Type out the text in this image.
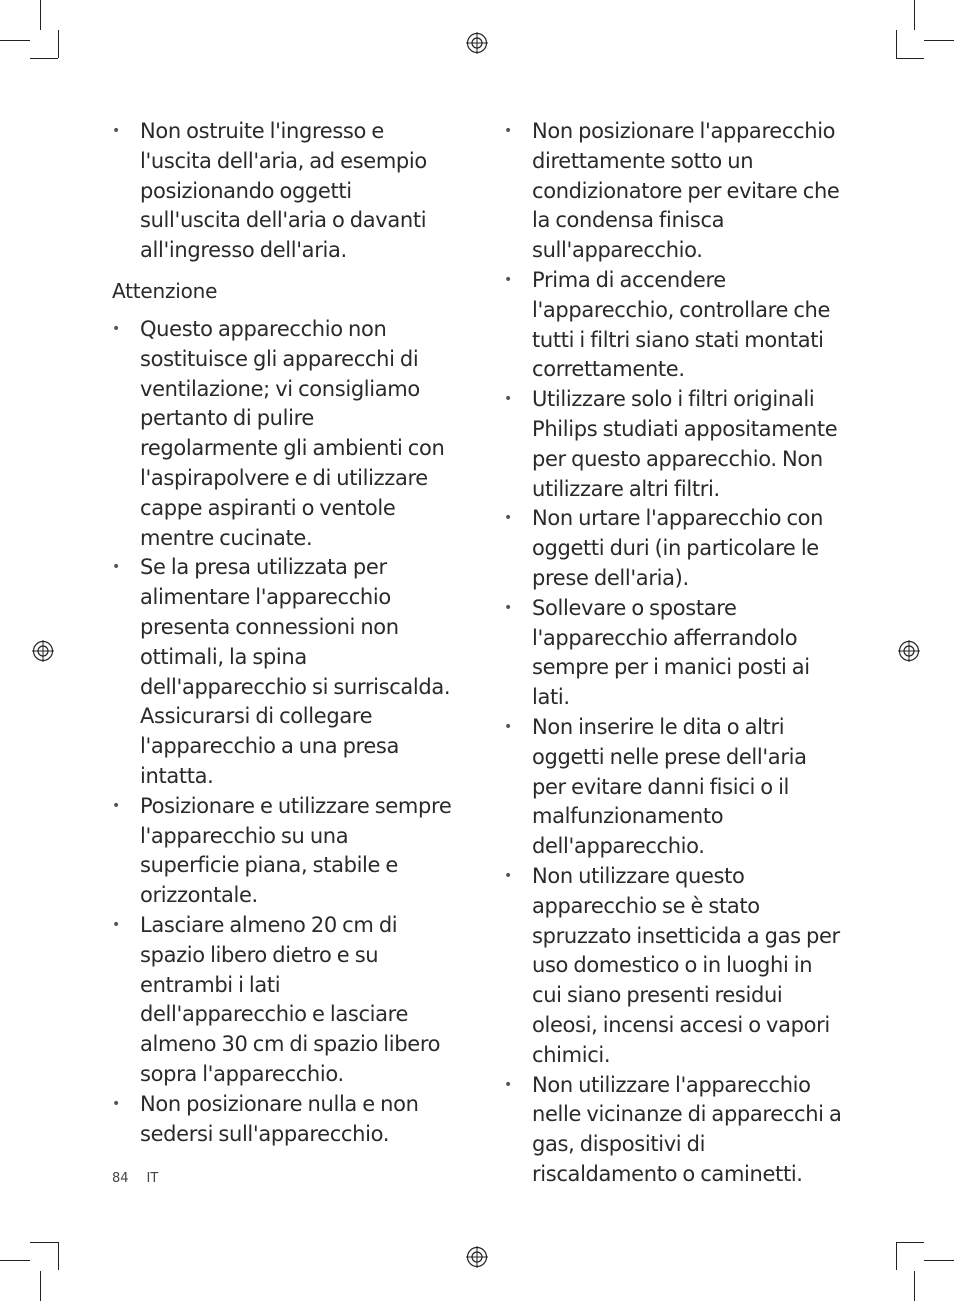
• Non ostruite l'ingresso e l'uscita dell'aria, ad esempio posizionando oggetti sull'uscita dell'aria o davanti all'ingresso dell'aria.
Attenzione
• Questo apparecchio non sostituisce gli apparecchi di ventilazione; vi consigliamo pertanto di pulire regolarmente gli ambienti con l'aspirapolvere e di utilizzare cappe aspiranti o ventole mentre cucinate.
• Se la presa utilizzata per alimentare l'apparecchio presenta connessioni non ottimali, la spina dell'apparecchio si surriscalda. Assicurarsi di collegare l'apparecchio a una presa intatta.
• Posizionare e utilizzare sempre l'apparecchio su una superficie piana, stabile e orizzontale.
• Lasciare almeno 20 cm di spazio libero dietro e su entrambi i lati dell'apparecchio e lasciare almeno 30 cm di spazio libero sopra l'apparecchio.
• Non posizionare nulla e non sedersi sull'apparecchio.
• Non posizionare l'apparecchio direttamente sotto un condizionatore per evitare che la condensa finisca sull'apparecchio.
• Prima di accendere l'apparecchio, controllare che tutti i filtri siano stati montati correttamente.
• Utilizzare solo i filtri originali Philips studiati appositamente per questo apparecchio. Non utilizzare altri filtri.
• Non urtare l'apparecchio con oggetti duri (in particolare le prese dell'aria).
• Sollevare o spostare l'apparecchio afferrandolo sempre per i manici posti ai lati.
• Non inserire le dita o altri oggetti nelle prese dell'aria per evitare danni fisici o il malfunzionamento dell'apparecchio.
• Non utilizzare questo apparecchio se è stato spruzzato insetticida a gas per uso domestico o in luoghi in cui siano presenti residui oleosi, incensi accesi o vapori chimici.
• Non utilizzare l'apparecchio nelle vicinanze di apparecchi a gas, dispositivi di riscaldamento o caminetti.
84 IT
